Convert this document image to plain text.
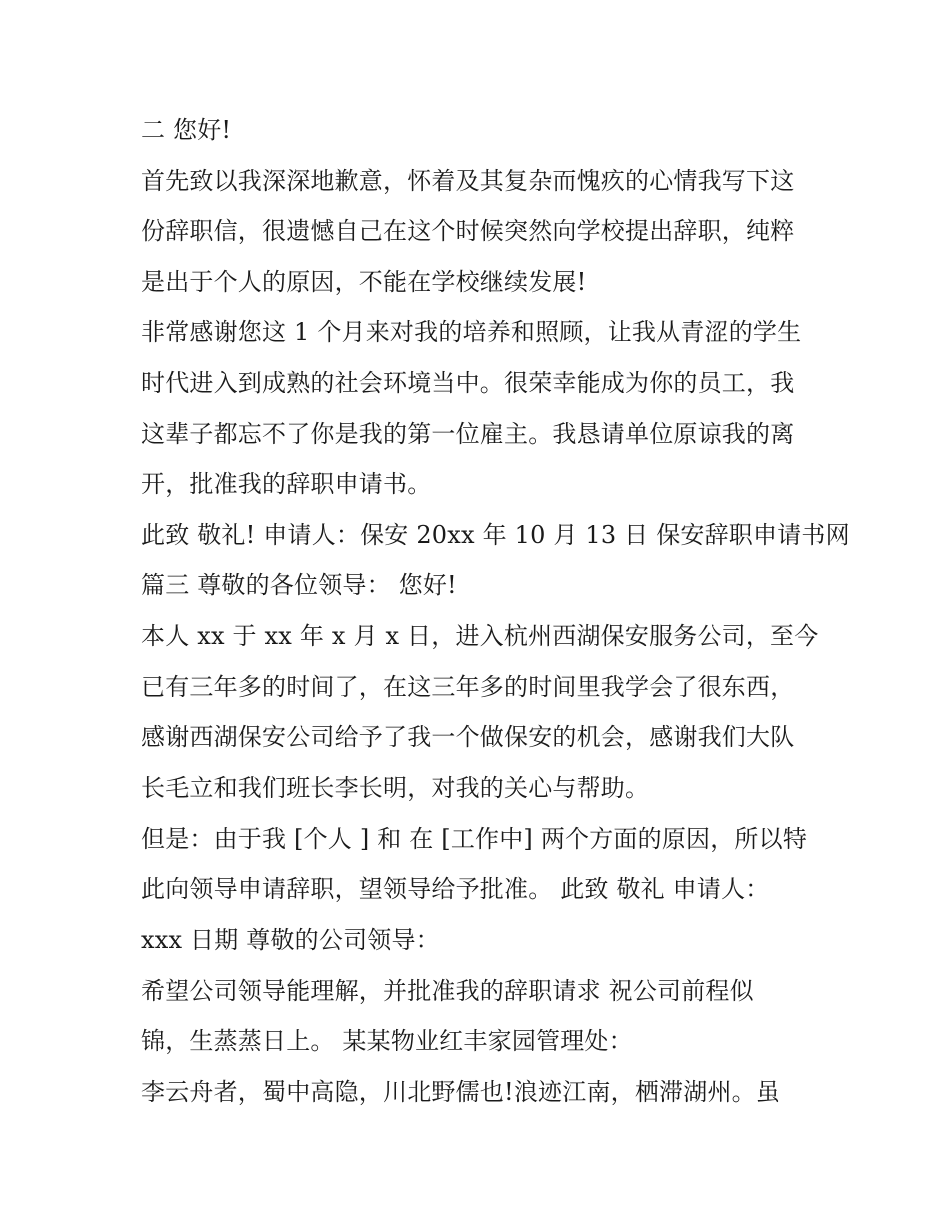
二 您好!

首先致以我深深地歉意，怀着及其复杂而愧疚的心情我写下这

份辞职信，很遗憾自己在这个时候突然向学校提出辞职，纯粹

是出于个人的原因，不能在学校继续发展!

非常感谢您这 1 个月来对我的培养和照顾，让我从青涩的学生

时代进入到成熟的社会环境当中。很荣幸能成为你的员工，我

这辈子都忘不了你是我的第一位雇主。我恳请单位原谅我的离

开，批准我的辞职申请书。

此致 敬礼! 申请人：保安 20xx 年 10 月 13 日 保安辞职申请书网

篇三 尊敬的各位领导： 您好!

本人 xx 于 xx 年 x 月 x 日，进入杭州西湖保安服务公司，至今

已有三年多的时间了，在这三年多的时间里我学会了很东西，

感谢西湖保安公司给予了我一个做保安的机会，感谢我们大队

长毛立和我们班长李长明，对我的关心与帮助。

但是：由于我 [个人 ] 和 在 [工作中] 两个方面的原因，所以特

此向领导申请辞职，望领导给予批准。 此致 敬礼 申请人：

xxx 日期 尊敬的公司领导：

希望公司领导能理解，并批准我的辞职请求 祝公司前程似

锦，生蒸蒸日上。 某某物业红丰家园管理处：

李云舟者，蜀中高隐，川北野儒也!浪迹江南，栖滞湖州。虽
